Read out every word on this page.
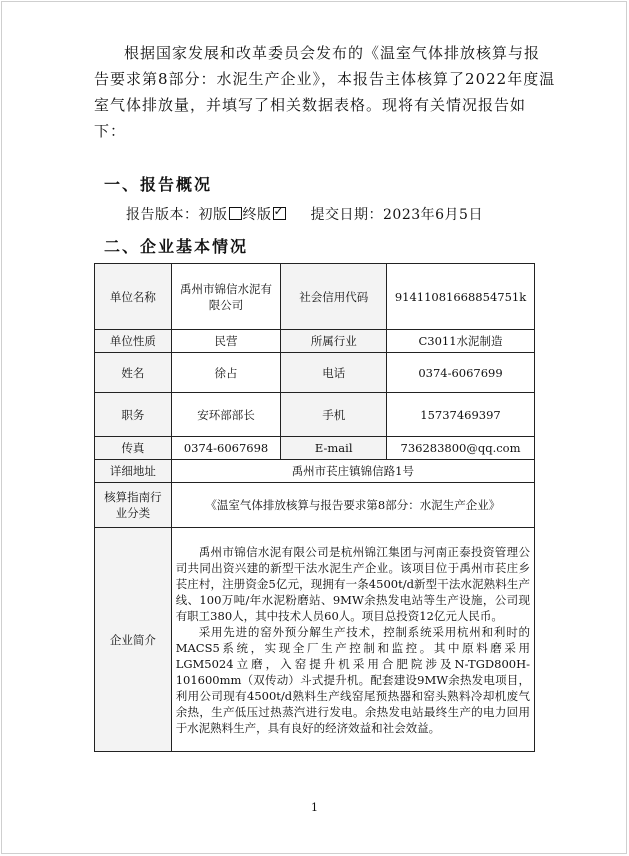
根据国家发展和改革委员会发布的《温室气体排放核算与报
告要求第8部分：水泥生产企业》，本报告主体核算了2022年度温
室气体排放量，并填写了相关数据表格。现将有关情况报告如
下：
一、报告概况
报告版本：初版 终版 ✓	提交日期：2023年6月5日
二、企业基本情况
单位名称	禹州市锦信水泥有限公司	社会信用代码	91411081668854751k
单位性质	民营	所属行业	C3011水泥制造
姓名	徐占	电话	0374-6067699
职务	安环部部长	手机	15737469397
传真	0374-6067698	E-mail	736283800@qq.com
详细地址	禹州市苌庄镇锦信路1号		
核算指南行业分类	《温室气体排放核算与报告要求第8部分：水泥生产企业》		
企业简介	禹州市锦信水泥有限公司是杭州锦江集团与河南正泰投资管理公司共同出资兴建的新型干法水泥生产企业。该项目位于禹州市苌庄乡苌庄村，注册资金5亿元，现拥有一条4500t/d新型干法水泥熟料生产线、100万吨/年水泥粉磨站、9MW余热发电站等生产设施，公司现有职工380人，其中技术人员60人。项目总投资12亿元人民币。

采用先进的窑外预分解生产技术，控制系统采用杭州和利时的MACS5系统，实现全厂生产控制和监控。其中原料磨采用LGM5024立磨，入窑提升机采用合肥院涉及N-TGD800H-101600mm（双传动）斗式提升机。配套建设9MW余热发电项目，利用公司现有4500t/d熟料生产线窑尾预热器和窑头熟料冷却机废气余热，生产低压过热蒸汽进行发电。余热发电站最终生产的电力回用于水泥熟料生产，具有良好的经济效益和社会效益。		

1
